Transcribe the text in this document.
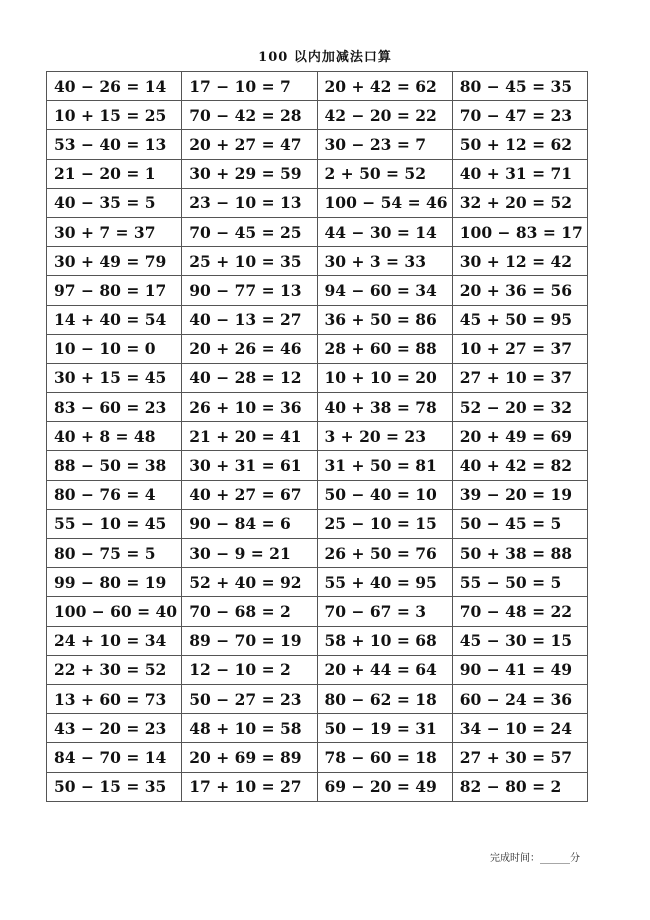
100 以内加减法口算
40 − 26 = 14	17 − 10 = 7	20 + 42 = 62	80 − 45 = 35
10 + 15 = 25	70 − 42 = 28	42 − 20 = 22	70 − 47 = 23
53 − 40 = 13	20 + 27 = 47	30 − 23 = 7	50 + 12 = 62
21 − 20 = 1	30 + 29 = 59	2 + 50 = 52	40 + 31 = 71
40 − 35 = 5	23 − 10 = 13	100 − 54 = 46	32 + 20 = 52
30 + 7 = 37	70 − 45 = 25	44 − 30 = 14	100 − 83 = 17
30 + 49 = 79	25 + 10 = 35	30 + 3 = 33	30 + 12 = 42
97 − 80 = 17	90 − 77 = 13	94 − 60 = 34	20 + 36 = 56
14 + 40 = 54	40 − 13 = 27	36 + 50 = 86	45 + 50 = 95
10 − 10 = 0	20 + 26 = 46	28 + 60 = 88	10 + 27 = 37
30 + 15 = 45	40 − 28 = 12	10 + 10 = 20	27 + 10 = 37
83 − 60 = 23	26 + 10 = 36	40 + 38 = 78	52 − 20 = 32
40 + 8 = 48	21 + 20 = 41	3 + 20 = 23	20 + 49 = 69
88 − 50 = 38	30 + 31 = 61	31 + 50 = 81	40 + 42 = 82
80 − 76 = 4	40 + 27 = 67	50 − 40 = 10	39 − 20 = 19
55 − 10 = 45	90 − 84 = 6	25 − 10 = 15	50 − 45 = 5
80 − 75 = 5	30 − 9 = 21	26 + 50 = 76	50 + 38 = 88
99 − 80 = 19	52 + 40 = 92	55 + 40 = 95	55 − 50 = 5
100 − 60 = 40	70 − 68 = 2	70 − 67 = 3	70 − 48 = 22
24 + 10 = 34	89 − 70 = 19	58 + 10 = 68	45 − 30 = 15
22 + 30 = 52	12 − 10 = 2	20 + 44 = 64	90 − 41 = 49
13 + 60 = 73	50 − 27 = 23	80 − 62 = 18	60 − 24 = 36
43 − 20 = 23	48 + 10 = 58	50 − 19 = 31	34 − 10 = 24
84 − 70 = 14	20 + 69 = 89	78 − 60 = 18	27 + 30 = 57
50 − 15 = 35	17 + 10 = 27	69 − 20 = 49	82 − 80 = 2
完成时间：______分
